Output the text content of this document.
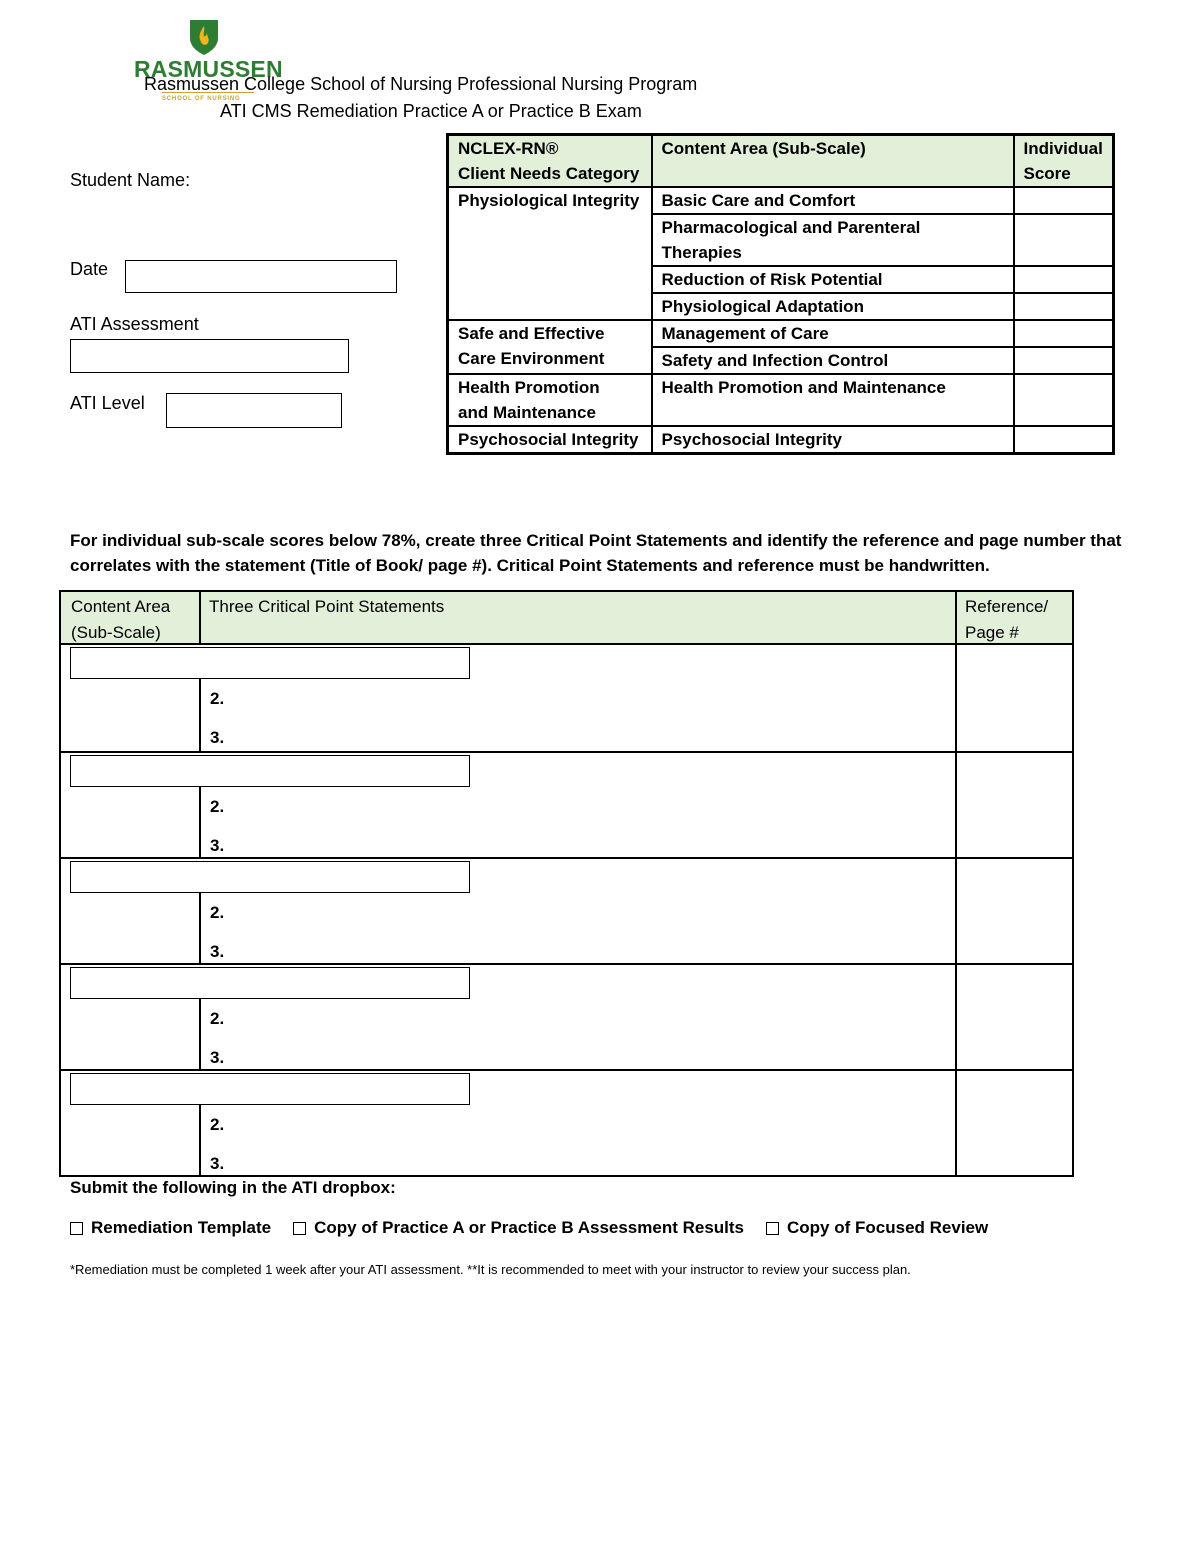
RASMUSSEN
SCHOOL OF NURSING
Rasmussen College School of Nursing Professional Nursing Program
ATI CMS Remediation Practice A or Practice B Exam
Student Name:
Date
ATI Assessment
ATI Level
NCLEX-RN®
Client Needs Category	Content Area (Sub-Scale)	Individual
Score
Physiological Integrity	Basic Care and Comfort	
	Pharmacological and Parenteral Therapies	
	Reduction of Risk Potential	
	Physiological Adaptation	
Safe and Effective
Care Environment	Management of Care	
	Safety and Infection Control	
Health Promotion
and Maintenance	Health Promotion and Maintenance	
Psychosocial Integrity	Psychosocial Integrity	
For individual sub-scale scores below 78%, create three Critical Point Statements and identify the reference and page number that
correlates with the statement (Title of Book/ page #). Critical Point Statements and reference must be handwritten.
Content Area
(Sub-Scale)
Three Critical Point Statements	Reference/
Page #
2.
3.
2.
3.
2.
3.
2.
3.
2.
3.
Submit the following in the ATI dropbox:
Remediation Template	Copy of Practice A or Practice B Assessment Results	Copy of Focused Review
*Remediation must be completed 1 week after your ATI assessment. **It is recommended to meet with your instructor to review your success plan.
